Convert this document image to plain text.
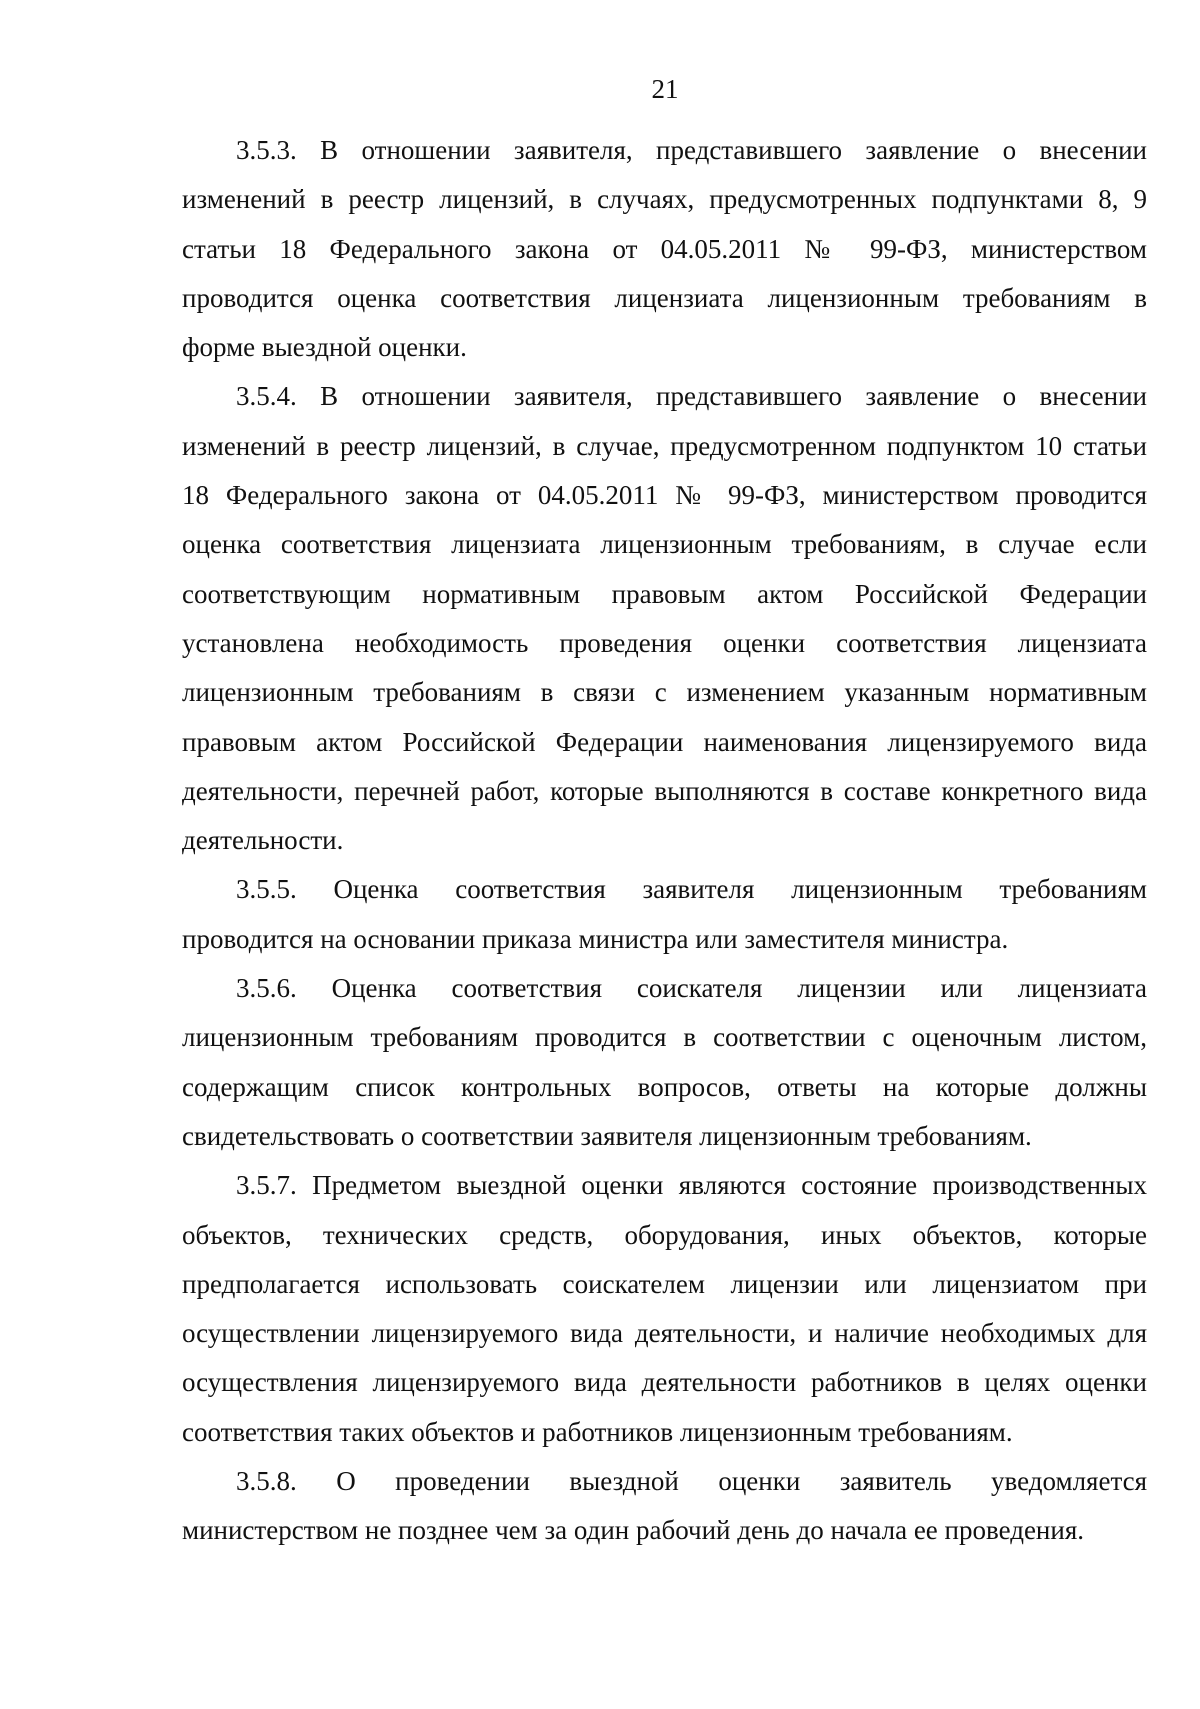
21
3.5.3. В отношении заявителя, представившего заявление о внесении
изменений в реестр лицензий, в случаях, предусмотренных подпунктами 8, 9
статьи 18 Федерального закона от 04.05.2011 № 99-ФЗ, министерством
проводится оценка соответствия лицензиата лицензионным требованиям в
форме выездной оценки.
3.5.4. В отношении заявителя, представившего заявление о внесении
изменений в реестр лицензий, в случае, предусмотренном подпунктом 10 статьи
18 Федерального закона от 04.05.2011 № 99-ФЗ, министерством проводится
оценка соответствия лицензиата лицензионным требованиям, в случае если
соответствующим нормативным правовым актом Российской Федерации
установлена необходимость проведения оценки соответствия лицензиата
лицензионным требованиям в связи с изменением указанным нормативным
правовым актом Российской Федерации наименования лицензируемого вида
деятельности, перечней работ, которые выполняются в составе конкретного вида
деятельности.
3.5.5. Оценка соответствия заявителя лицензионным требованиям
проводится на основании приказа министра или заместителя министра.
3.5.6. Оценка соответствия соискателя лицензии или лицензиата
лицензионным требованиям проводится в соответствии с оценочным листом,
содержащим список контрольных вопросов, ответы на которые должны
свидетельствовать о соответствии заявителя лицензионным требованиям.
3.5.7. Предметом выездной оценки являются состояние производственных
объектов, технических средств, оборудования, иных объектов, которые
предполагается использовать соискателем лицензии или лицензиатом при
осуществлении лицензируемого вида деятельности, и наличие необходимых для
осуществления лицензируемого вида деятельности работников в целях оценки
соответствия таких объектов и работников лицензионным требованиям.
3.5.8. О проведении выездной оценки заявитель уведомляется
министерством не позднее чем за один рабочий день до начала ее проведения.
